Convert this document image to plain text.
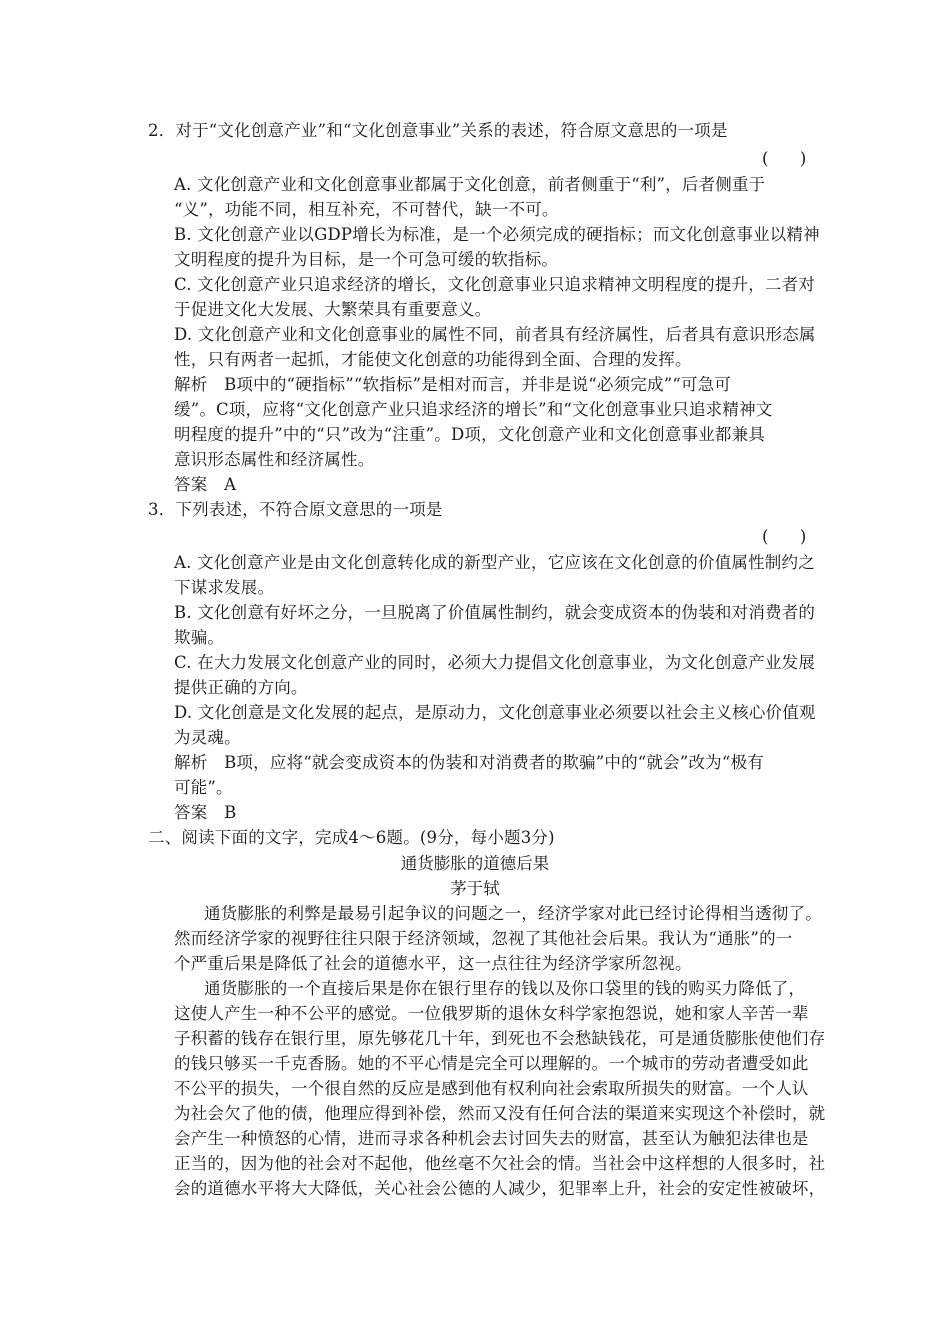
2．对于“文化创意产业”和“文化创意事业”关系的表述，符合原文意思的一项是
(      )
A. 文化创意产业和文化创意事业都属于文化创意，前者侧重于“利”，后者侧重于
“义”，功能不同，相互补充，不可替代，缺一不可。
B. 文化创意产业以GDP增长为标准，是一个必须完成的硬指标；而文化创意事业以精神
文明程度的提升为目标，是一个可急可缓的软指标。
C. 文化创意产业只追求经济的增长，文化创意事业只追求精神文明程度的提升，二者对
于促进文化大发展、大繁荣具有重要意义。
D. 文化创意产业和文化创意事业的属性不同，前者具有经济属性，后者具有意识形态属
性，只有两者一起抓，才能使文化创意的功能得到全面、合理的发挥。
解析　B项中的“硬指标”“软指标”是相对而言，并非是说“必须完成”“可急可
缓”。C项，应将“文化创意产业只追求经济的增长”和“文化创意事业只追求精神文
明程度的提升”中的“只”改为“注重”。D项，文化创意产业和文化创意事业都兼具
意识形态属性和经济属性。
答案　A
3．下列表述，不符合原文意思的一项是
(      )
A. 文化创意产业是由文化创意转化成的新型产业，它应该在文化创意的价值属性制约之
下谋求发展。
B. 文化创意有好坏之分，一旦脱离了价值属性制约，就会变成资本的伪装和对消费者的
欺骗。
C. 在大力发展文化创意产业的同时，必须大力提倡文化创意事业，为文化创意产业发展
提供正确的方向。
D. 文化创意是文化发展的起点，是原动力，文化创意事业必须要以社会主义核心价值观
为灵魂。
解析　B项，应将“就会变成资本的伪装和对消费者的欺骗”中的“就会”改为“极有
可能”。
答案　B
二、阅读下面的文字，完成4～6题。(9分，每小题3分)
通货膨胀的道德后果
茅于轼
通货膨胀的利弊是最易引起争议的问题之一，经济学家对此已经讨论得相当透彻了。
然而经济学家的视野往往只限于经济领域，忽视了其他社会后果。我认为“通胀”的一
个严重后果是降低了社会的道德水平，这一点往往为经济学家所忽视。
通货膨胀的一个直接后果是你在银行里存的钱以及你口袋里的钱的购买力降低了，
这使人产生一种不公平的感觉。一位俄罗斯的退休女科学家抱怨说，她和家人辛苦一辈
子积蓄的钱存在银行里，原先够花几十年，到死也不会愁缺钱花，可是通货膨胀使他们存
的钱只够买一千克香肠。她的不平心情是完全可以理解的。一个城市的劳动者遭受如此
不公平的损失，一个很自然的反应是感到他有权利向社会索取所损失的财富。一个人认
为社会欠了他的债，他理应得到补偿，然而又没有任何合法的渠道来实现这个补偿时，就
会产生一种愤怒的心情，进而寻求各种机会去讨回失去的财富，甚至认为触犯法律也是
正当的，因为他的社会对不起他，他丝毫不欠社会的情。当社会中这样想的人很多时，社
会的道德水平将大大降低，关心社会公德的人减少，犯罪率上升，社会的安定性被破坏，
